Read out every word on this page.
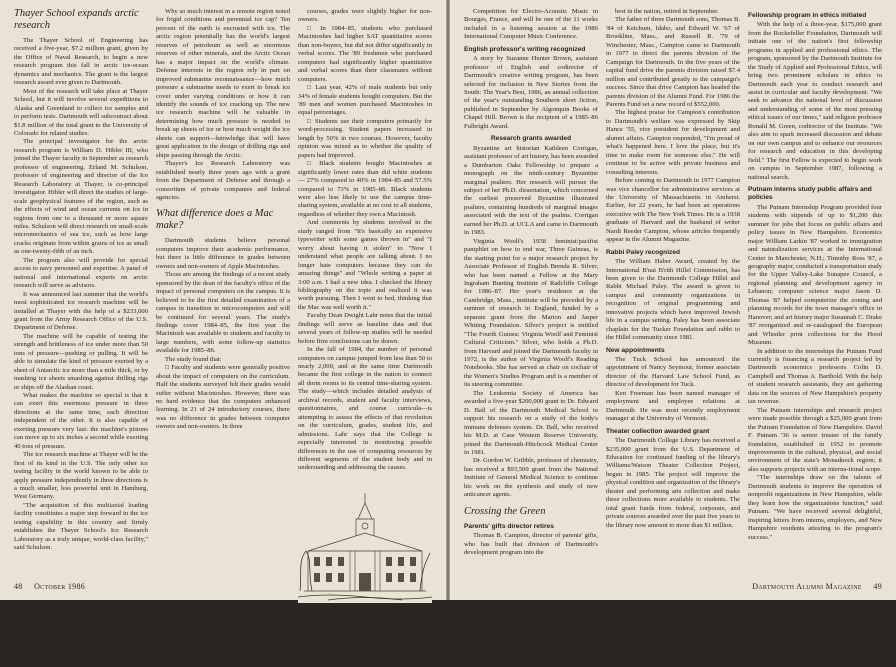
Thayer School expands arctic research

The Thayer School of Engineering has received a five-year, $7.2 million grant, given by the Office of Naval Research, to begin a new research program this fall in arctic ice-ocean dynamics and mechanics. The grant is the largest research award ever given to Dartmouth.

Most of the research will take place at Thayer School, but it will involve several expeditions to Alaska and Greenland to collect ice samples and to perform tests. Dartmouth will subcontract about $1.8 million of the total grant to the University of Colorado for related studies.

The principal investigator for the arctic research program is William D. Hibler III, who joined the Thayer faculty in September as research professor of engineering. Erland M. Schulson, professor of engineering and director of the Ice Research Laboratory at Thayer, is co-principal investigator. Hibler will direct the studies of large-scale geophysical features of the region, such as the effects of wind and ocean currents on ice in regions from one to a thousand or more square miles. Schulson will direct research on small-scale micromechanics of sea ice, such as how large cracks originate from within grains of ice as small as one-twenty-fifth of an inch.

The program also will provide for special access to navy personnel and expertise. A panel of national and international experts on arctic research will serve as advisors.

It was announced last summer that the world's most sophisticated ice research machine will be installed at Thayer with the help of a $233,000 grant from the Army Research Office of the U.S. Department of Defense.

The machine will be capable of testing the strength and brittleness of ice under more than 50 tons of pressure—pushing or pulling. It will be able to simulate the kind of pressure exerted by a sheet of Antarctic ice more than a mile thick, or by mashing ice sheets smashing against drilling rigs or ships off the Alaskan coast.

What makes the machine so special is that it can exert this enormous pressure in three directions at the same time, each direction independent of the other. It is also capable of exerting pressure very fast: the machine's pistons can move up to six inches a second while exerting 40 tons of pressure.

The ice research machine at Thayer will be the first of its kind in the U.S. The only other ice testing facility in the world known to be able to apply pressure independently in three directions is a much smaller, less powerful unit in Hamburg, West Germany.

"The acquisition of this multiaxial loading facility constitutes a major step forward in the ice testing capability in this country and firmly establishes the Thayer School's Ice Research Laboratory as a truly unique, world-class facility," said Schulson.

Why so much interest in a remote region noted for frigid conditions and perennial ice cap? Ten percent of the earth is encrusted with ice. The arctic region potentially has the world's largest reserves of petroleum as well as enormous reserves of other minerals, and the Arctic Ocean has a major impact on the world's climate. Defense interests in the region rely in part on improved submarine reconnaissance—how much pressure a submarine needs to exert to break ice cover under varying conditions or how it can identify the sounds of ice cracking up. The new ice research machine will be valuable in determining how much pressure is needed to break up sheets of ice or how much weight the ice sheets can support—knowledge that will have great application in the design of drilling rigs and ships passing through the Arctic.

Thayer's Ice Research Laboratory was established nearly three years ago with a grant from the Department of Defense and through a consortium of private companies and federal agencies.

What difference does a Mac make?

Dartmouth students believe personal computers improve their academic performance, but there is little difference in grades between owners and non-owners of Apple Macintoshes.

Those are among the findings of a recent study sponsored by the dean of the faculty's office of the impact of personal computers on the campus. It is believed to be the first detailed examination of a campus in transition to microcomputers and will be continued for several years. The study's findings cover 1984–85, the first year the Macintosh was available to students and faculty in large numbers, with some follow-up statistics available for 1985–86.

The study found that:

□ Faculty and students were generally positive about the impact of computers on the curriculum. Half the students surveyed felt their grades would suffer without Macintoshes. However, there was no hard evidence that the computers enhanced learning. In 21 of 24 introductory courses, there was no difference in grades between computer owners and non-owners. In three

courses, grades were slightly higher for non-owners.

□ In 1984–85, students who purchased Macintoshes had higher SAT quantitative scores than non-buyers, but did not differ significantly in verbal scores. The '89 freshmen who purchased computers had significantly higher quantitative and verbal scores than their classmates without computers.

□ Last year, 42% of male students but only 34% of female students bought computers. But the '89 men and women purchased Macintoshes in equal percentages.

□ Students use their computers primarily for word-processing. Student papers increased in length by 50% in two courses. However, faculty opinion was mixed as to whether the quality of papers had improved.

□ Black students bought Macintoshes at significantly lower rates than did white students — 27% compared to 40% in 1984–85 and 57.5% compared to 73% in 1985–86. Black students were also less likely to use the campus time-sharing system, available at no cost to all students, regardless of whether they own a Macintosh.

And comments by students involved in the study ranged from "It's basically an expensive typewriter with some games thrown in" and "I worry about having it stolen" to "Now I understand what people are talking about. I no longer hate computers because they can do amazing things" and "Whole writing a paper at 3:00 a.m. I had a new idea. I checked the library bibliography on the topic and realized it was worth pursuing. Then I went to bed, thinking that the Mac was well worth it."

Faculty Dean Dwight Lahr notes that the initial findings will serve as baseline data and that several years of follow-up studies will be needed before firm conclusions can be drawn.

In the fall of 1984, the number of personal computers on campus jumped from less than 50 to nearly 2,000, and at the same time Dartmouth became the first college in the nation to connect all dorm rooms to its central time-sharing system. The study—which includes detailed analysis of archival records, student and faculty interviews, questionnaires, and course curricula—is attempting to assess the effects of that revolution on the curriculum, grades, student life, and admissions. Lahr says that the College is especially interested in monitoring possible differences in the use of computing resources by different segments of the student body and in understanding and addressing the causes.

Faculty News
Computer music award

David Evan Jones, assistant professor of music, has won recognition for his composition "Scritto." It received an honorable mention in the 1986 Bourges International

48 October 1986

Competition for Electro-Acoustic Music in Bourges, France, and will be one of the 11 works included in a listening session at the 1986 International Computer Music Conference.

English professor's writing recognized

A story by Suzanne Hunter Brown, assistant professor of English and codirector of Dartmouth's creative writing program, has been selected for inclusion in New Stories from the South: The Year's Best, 1986, an annual collection of the year's outstanding Southern short fiction, published in September by Algonquin Books of Chapel Hill. Brown is the recipient of a 1985–86 Fulbright Award.

Research grants awarded

Byzantine art historian Kathleen Corrigan, assistant professor of art history, has been awarded a Dumbarton Oaks Fellowship to prepare a monograph on the ninth-century Byzantine marginal psalters. Her research will pursue the subject of her Ph.D. dissertation, which concerned the earliest preserved Byzantine illustrated psalters, containing hundreds of marginal images associated with the text of the psalms. Corrigan earned her Ph.D. at UCLA and came to Dartmouth in 1983.

Virginia Woolf's 1938 feminist/pacifist pamphlet on how to end war, Three Guineas, is the starting point for a major research project by Associate Professor of English Brenda R. Silver, who has been named a Fellow at the Mary Ingraham Bunting Institute of Radcliffe College for 1986–87. Her year's residence at the Cambridge, Mass., institute will be preceded by a summer of research in England, funded by a separate grant from the Marion and Jasper Whiting Foundation. Silver's project is entitled "The Fourth Guinea: Virginia Woolf and Feminist Cultural Criticism." Silver, who holds a Ph.D. from Harvard and joined the Dartmouth faculty in 1972, is the author of Virginia Woolf's Reading Notebooks. She has served as chair on cochair of the Women's Studies Program and is a member of its steering committee.

The Leukemia Society of America has awarded a five-year $200,000 grant to Dr. Edward D. Ball of the Dartmouth Medical School to support his research on a study of the body's immune defenses system. Dr. Ball, who received his M.D. at Case Western Reserve University, joined the Dartmouth-Hitchcock Medical Center in 1981.

Dr. Gordon W. Gribble, professor of chemistry, has received a $93,500 grant from the National Institute of General Medical Science to continue his work on the synthesis and study of new anticancer agents.

Crossing the Green
Parents' gifts director retires

Thomas B. Campion, director of parents' gifts, who has built that division of Dartmouth's development program into the

best in the nation, retired in September.

The father of three Dartmouth sons, Thomas B. '84 of Ketchum, Idaho, and Edward W. '67 of Brookline, Mass., and Russell R. '79 of Winchester, Mass., Campion came to Dartmouth in 1977 to direct the parents division of the Campaign for Dartmouth. In the five years of the capital fund drive the parents division raised $7.4 million and contributed greatly to the campaign's success. Since that drive Campion has headed the parents division of the Alumni Fund. For 1986 the Parents Fund set a new record of $552,000.

The highest praise for Campion's contribution to Dartmouth's welfare was expressed by Skip Hance '55, vice president for development and alumni affairs. Campion responded, "I'm proud of what's happened here. I love the place, but it's time to make room for someone else." He will continue to be active with private business and consulting interests.

Before coming to Dartmouth in 1977 Campion was vice chancellor for administrative services at the University of Massachusetts in Amherst. Earlier, for 22 years, he had been an operations executive with The New York Times. He is a 1938 graduate of Harvard and the husband of writer Nardi Reeder Campion, whose articles frequently appear in the Alumni Magazine.

Rabbi Paley recognized

The William Haber Award, created by the International B'nai B'rith Hillel Commission, has been given to the Dartmouth College Hillel and Rabbi Michael Paley. The award is given to campus and community organizations in recognition of original programming and innovative projects which have improved Jewish life in a campus setting. Paley has been associate chaplain for the Tucker Foundation and rabbi to the Hillel community since 1981.

New appointments

The Tuck School has announced the appointment of Nancy Seymour, former associate director of the Harvard Law School Fund, as director of development for Tuck.

Ken Freeman has been named manager of employment and employee relations at Dartmouth. He was most recently employment manager at the University of Vermont.

Theater collection awarded grant

The Dartmouth College Library has received a $235,000 grant from the U.S. Department of Education for continued funding of the library's Williams/Watson Theater Collection Project, begun in 1985. The project will improve the physical condition and organization of the library's theater and performing arts collection and make these collections more available to students. The total grant funds from federal, corporate, and private sources awarded over the past five years to the library now amount to more than $1 million.

Fellowship program in ethics initiated

With the help of a three-year, $175,000 grant from the Rockefeller Foundation, Dartmouth will initiate one of the nation's first fellowship programs in applied and professional ethics. The program, sponsored by the Dartmouth Institute for the Study of Applied and Professional Ethics, will bring two prominent scholars in ethics to Dartmouth each year to conduct research and assist in curricular and faculty development. "We seek to advance the national level of discussion and understanding of some of the most pressing ethical issues of our times," said religion professor Ronald M. Green, codirector of the Institute. "We also aim to spark increased discussion and debate on our own campus and to enhance our resources for research and education in this developing field." The first Fellow is expected to begin work on campus in September 1987, following a national search.

Putnam interns study public affairs and policies

The Putnam Internship Program provided four students with stipends of up to $1,200 this summer for jobs that focus on public affairs and policy issues in New Hampshire. Economics major William Larkin '87 worked in immigration and naturalization services at the International Center in Manchester, N.H.; Timothy Ross '87, a geography major, conducted a transportation study for the Upper Valley-Lake Sunapee Council, a regional planning and development agency in Lebanon; computer science major Jason D. Thomas '87 helped computerize the zoning and planning records for the town manager's office in Hanover; and art history major Susannah C. Drake '87 reorganized and re-catalogued the European and Whistler print collections for the Hood Museum.

In addition to the internships the Putnam Fund currently is financing a research project led by Dartmouth economics professors Colin D. Campbell and Thomas A. Barthold. With the help of student research assistants, they are gathering data on the sources of New Hampshire's property tax revenue.

The Putnam internships and research project were made possible through a $25,000 grant from the Putnam Foundation of New Hampshire. David F. Putnam '36 is senior trustee of the family foundation, established in 1952 to promote improvements in the cultural, physical, and social environment of the state's Monadnock region; it also supports projects with an interna-tional scope.

"The internships draw on the talents of Dartmouth students to improve the operation of nonprofit organizations in New Hampshire, while they learn how the organizations function," said Putnam. "We have received several delightful, inspiring letters from interns, employers, and New Hampshire residents attesting to the program's success."

Dartmouth Alumni Magazine 49
